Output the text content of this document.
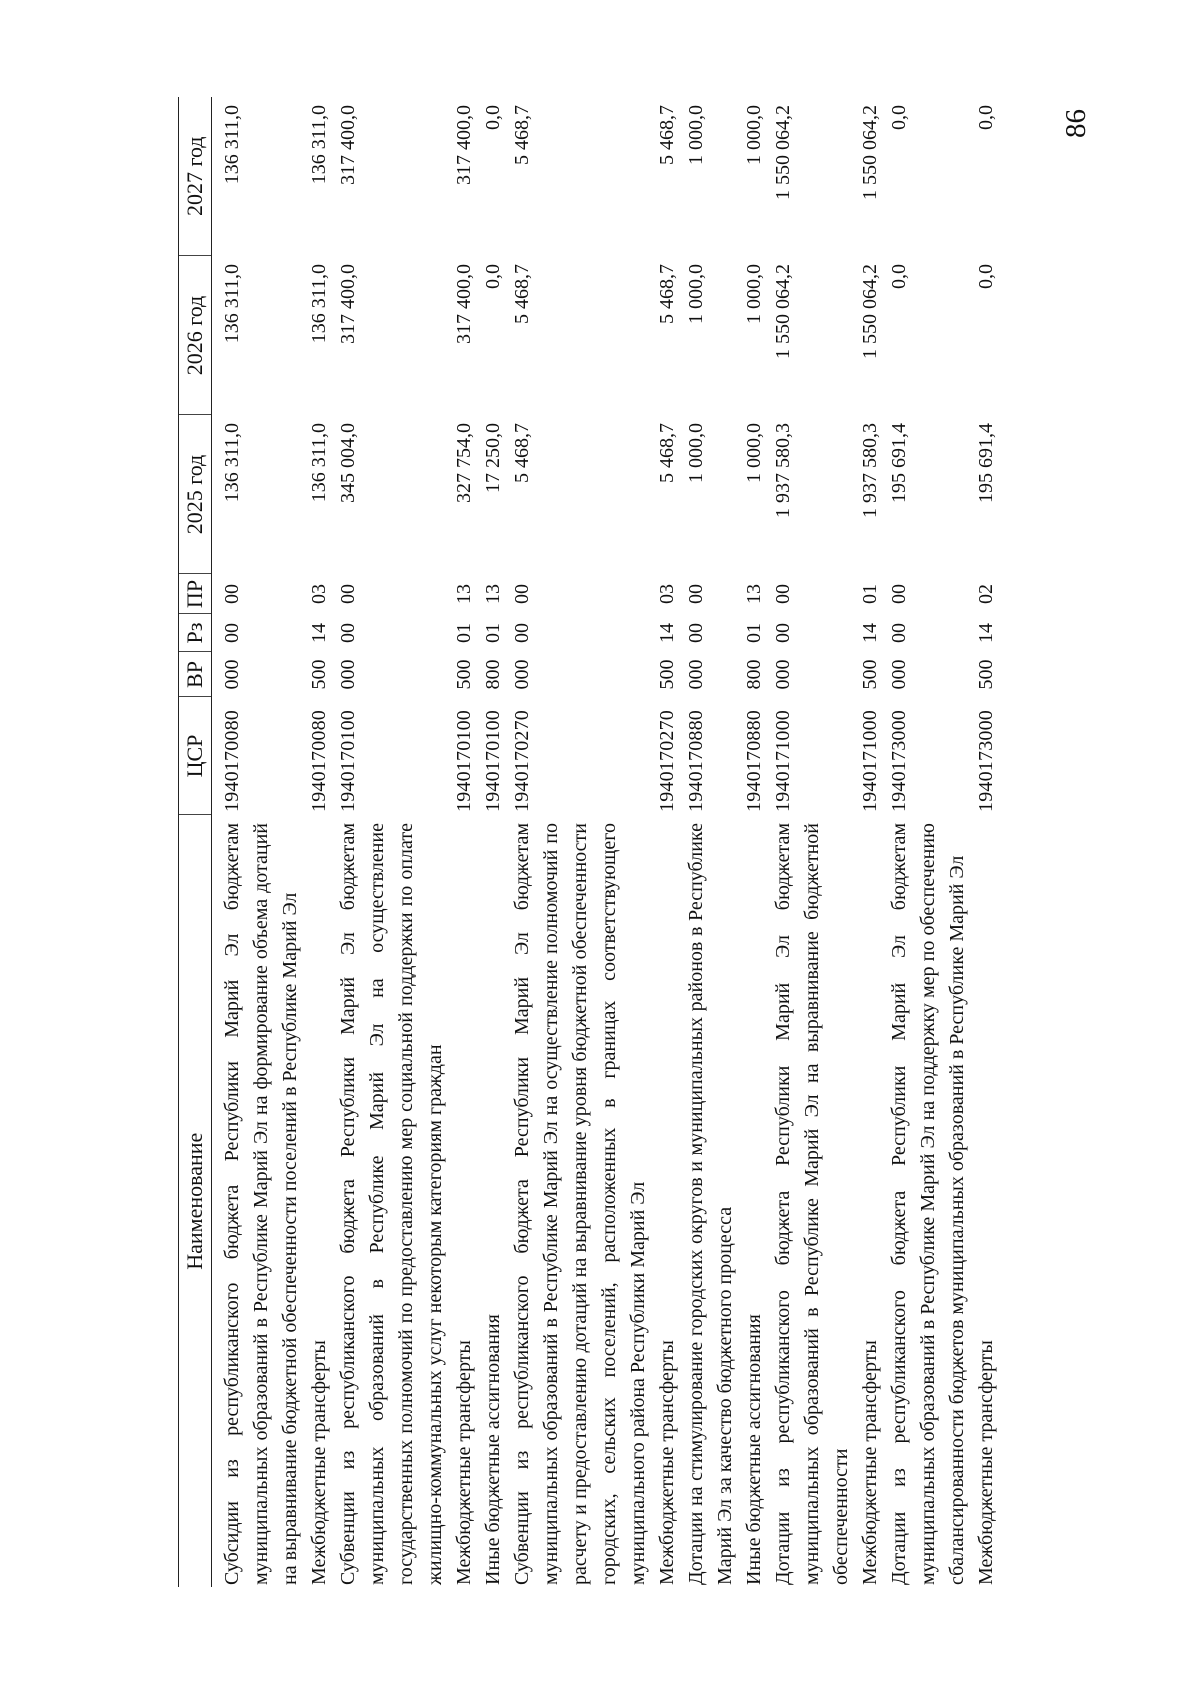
86
Наименование	ЦСР	ВР	Рз	ПР	2025 год	2026 год	2027 год
Субсидии из республиканского бюджета Республики Марий Эл бюджетам муниципальных образований в Республике Марий Эл на формирование объема дотаций на выравнивание бюджетной обеспеченности поселений в Республике Марий Эл	1940170080	000	00	00	136 311,0	136 311,0	136 311,0
Межбюджетные трансферты	1940170080	500	14	03	136 311,0	136 311,0	136 311,0
Субвенции из республиканского бюджета Республики Марий Эл бюджетам муниципальных образований в Республике Марий Эл на осуществление государственных полномочий по предоставлению мер социальной поддержки по оплате жилищно-коммунальных услуг некоторым категориям граждан	1940170100	000	00	00	345 004,0	317 400,0	317 400,0
Межбюджетные трансферты	1940170100	500	01	13	327 754,0	317 400,0	317 400,0
Иные бюджетные ассигнования	1940170100	800	01	13	17 250,0	0,0	0,0
Субвенции из республиканского бюджета Республики Марий Эл бюджетам муниципальных образований в Республике Марий Эл на осуществление полномочий по расчету и предоставлению дотаций на выравнивание уровня бюджетной обеспеченности городских, сельских поселений, расположенных в границах соответствующего муниципального района Республики Марий Эл	1940170270	000	00	00	5 468,7	5 468,7	5 468,7
Межбюджетные трансферты	1940170270	500	14	03	5 468,7	5 468,7	5 468,7
Дотации на стимулирование городских округов и муниципальных районов в Республике Марий Эл за качество бюджетного процесса	1940170880	000	00	00	1 000,0	1 000,0	1 000,0
Иные бюджетные ассигнования	1940170880	800	01	13	1 000,0	1 000,0	1 000,0
Дотации из республиканского бюджета Республики Марий Эл бюджетам муниципальных образований в Республике Марий Эл на выравнивание бюджетной обеспеченности	1940171000	000	00	00	1 937 580,3	1 550 064,2	1 550 064,2
Межбюджетные трансферты	1940171000	500	14	01	1 937 580,3	1 550 064,2	1 550 064,2
Дотации из республиканского бюджета Республики Марий Эл бюджетам муниципальных образований в Республике Марий Эл на поддержку мер по обеспечению сбалансированности бюджетов муниципальных образований в Республике Марий Эл	1940173000	000	00	00	195 691,4	0,0	0,0
Межбюджетные трансферты	1940173000	500	14	02	195 691,4	0,0	0,0
